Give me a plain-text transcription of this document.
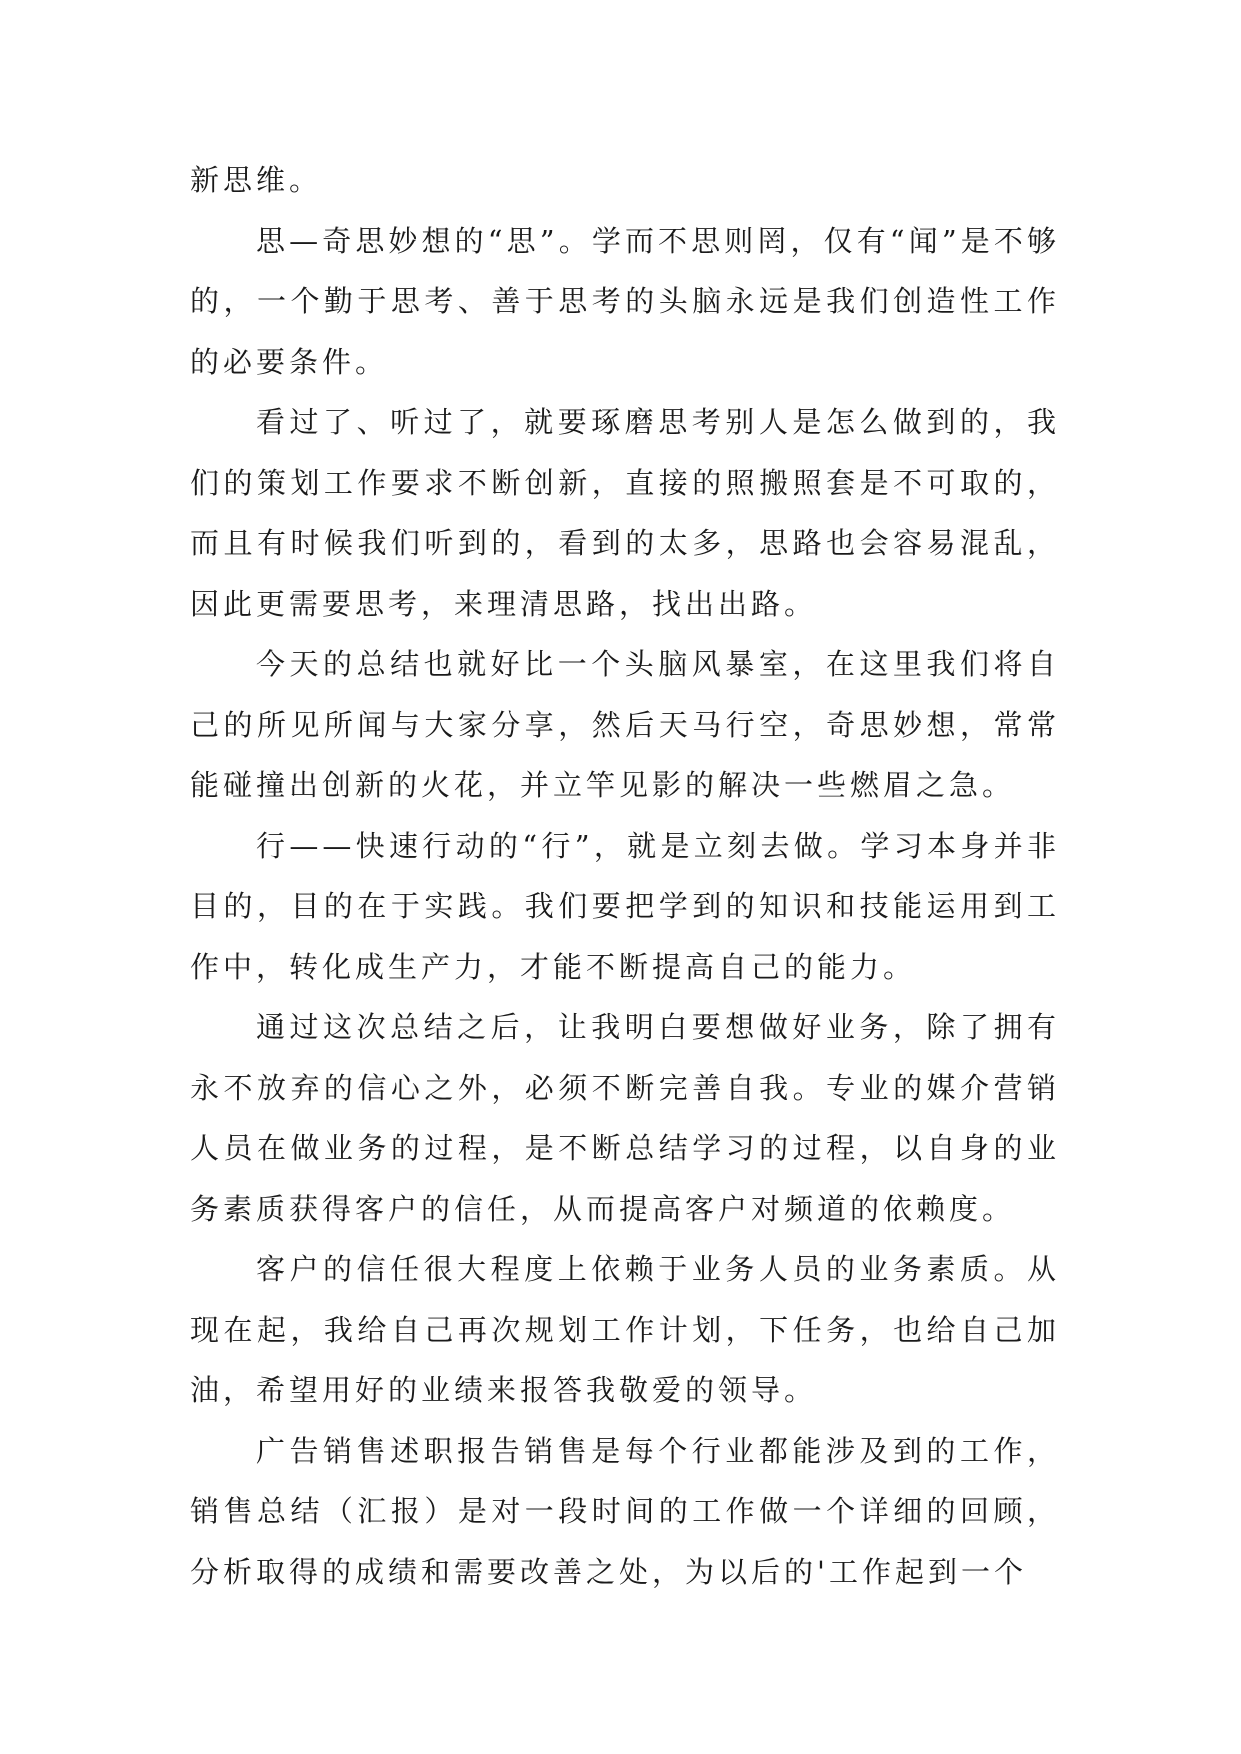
新思维。

思—奇思妙想的“思”。学而不思则罔，仅有“闻”是不够的，一个勤于思考、善于思考的头脑永远是我们创造性工作的必要条件。

看过了、听过了，就要琢磨思考别人是怎么做到的，我们的策划工作要求不断创新，直接的照搬照套是不可取的，而且有时候我们听到的，看到的太多，思路也会容易混乱，因此更需要思考，来理清思路，找出出路。

今天的总结也就好比一个头脑风暴室，在这里我们将自己的所见所闻与大家分享，然后天马行空，奇思妙想，常常能碰撞出创新的火花，并立竿见影的解决一些燃眉之急。

行——快速行动的“行”，就是立刻去做。学习本身并非目的，目的在于实践。我们要把学到的知识和技能运用到工作中，转化成生产力，才能不断提高自己的能力。

通过这次总结之后，让我明白要想做好业务，除了拥有永不放弃的信心之外，必须不断完善自我。专业的媒介营销人员在做业务的过程，是不断总结学习的过程，以自身的业务素质获得客户的信任，从而提高客户对频道的依赖度。

客户的信任很大程度上依赖于业务人员的业务素质。从现在起，我给自己再次规划工作计划，下任务，也给自己加油，希望用好的业绩来报答我敬爱的领导。

广告销售述职报告销售是每个行业都能涉及到的工作，销售总结（汇报）是对一段时间的工作做一个详细的回顾，分析取得的成绩和需要改善之处，为以后的'工作起到一个
